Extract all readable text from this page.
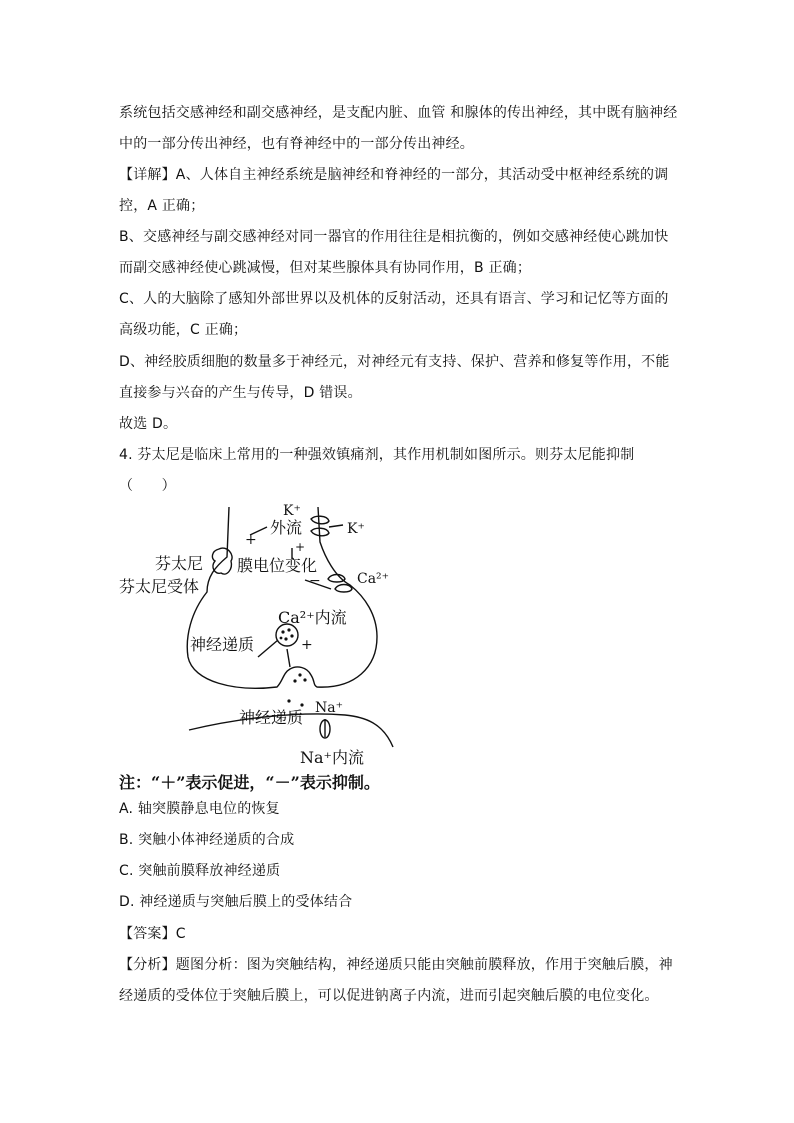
系统包括交感神经和副交感神经，是支配内脏、血管 和腺体的传出神经，其中既有脑神经
中的一部分传出神经，也有脊神经中的一部分传出神经。
【详解】A、人体自主神经系统是脑神经和脊神经的一部分，其活动受中枢神经系统的调
控，A 正确；
B、交感神经与副交感神经对同一器官的作用往往是相抗衡的，例如交感神经使心跳加快
而副交感神经使心跳减慢，但对某些腺体具有协同作用，B 正确；
C、人的大脑除了感知外部世界以及机体的反射活动，还具有语言、学习和记忆等方面的
高级功能，C 正确；
D、神经胶质细胞的数量多于神经元，对神经元有支持、保护、营养和修复等作用，不能
直接参与兴奋的产生与传导，D 错误。
故选 D。
4. 芬太尼是临床上常用的一种强效镇痛剂，其作用机制如图所示。则芬太尼能抑制
（　　）
K⁺
外流	K⁺
+	+
芬太尼
芬太尼受体
膜电位变化
−	Ca²⁺
Ca²⁺内流
神经递质	+
神经递质 Na⁺
Na⁺内流
注：“＋”表示促进，“－”表示抑制。
A. 轴突膜静息电位的恢复
B. 突触小体神经递质的合成
C. 突触前膜释放神经递质
D. 神经递质与突触后膜上的受体结合
【答案】C
【分析】题图分析：图为突触结构，神经递质只能由突触前膜释放，作用于突触后膜，神
经递质的受体位于突触后膜上，可以促进钠离子内流，进而引起突触后膜的电位变化。
